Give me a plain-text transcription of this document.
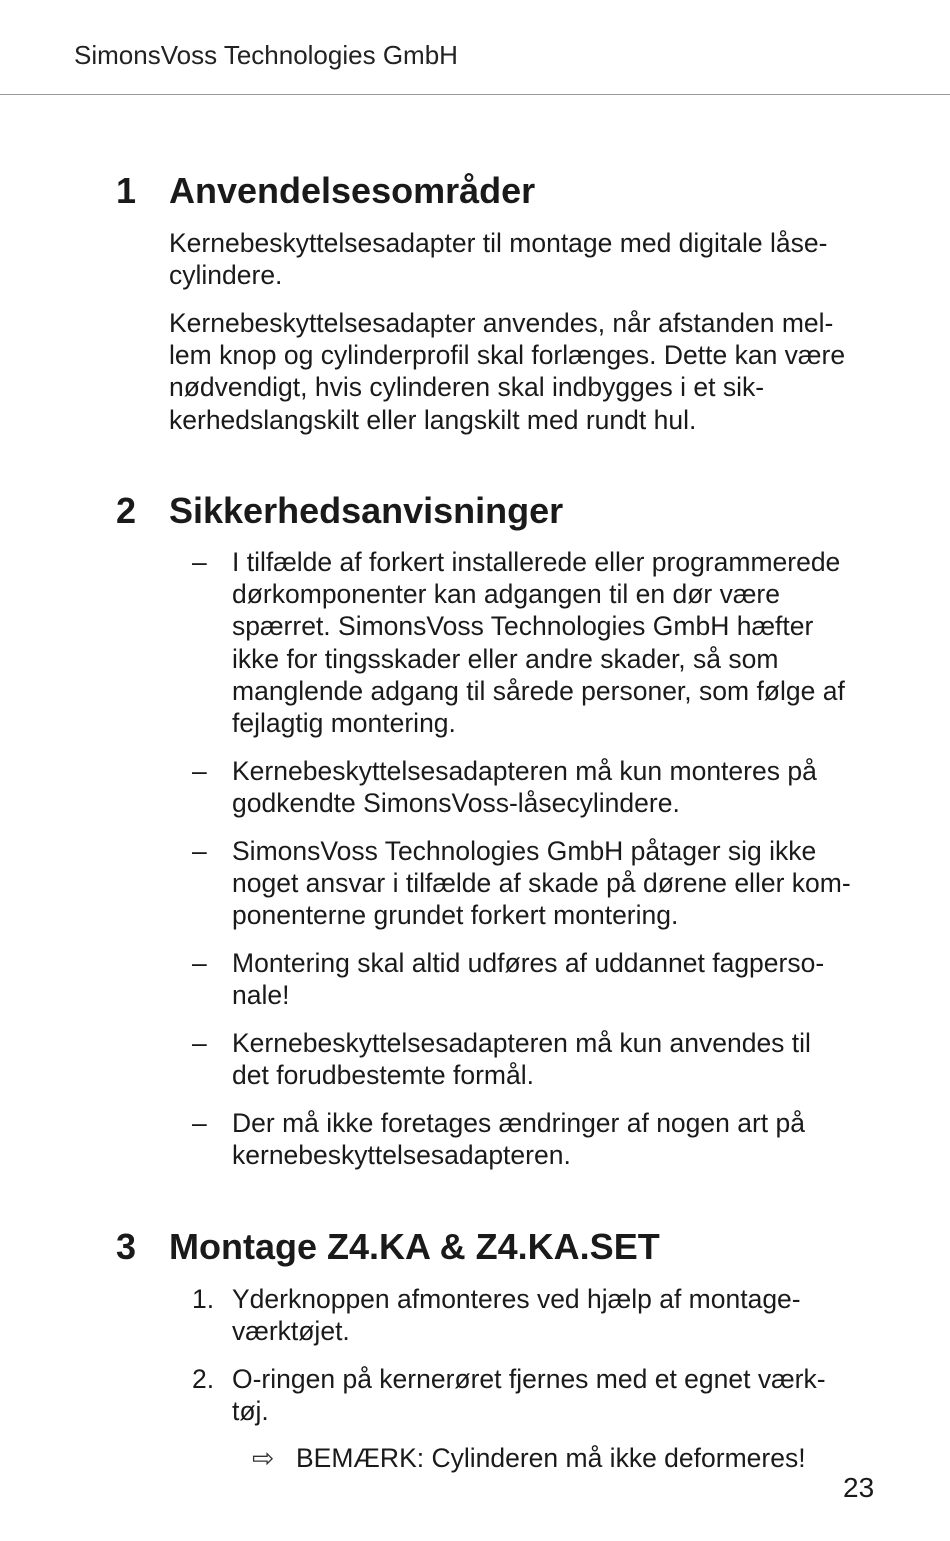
SimonsVoss Technologies GmbH
1 Anvendelsesområder
Kernebeskyttelsesadapter til montage med digitale låse-
cylindere.
Kernebeskyttelsesadapter anvendes, når afstanden mel-
lem knop og cylinderprofil skal forlænges. Dette kan være
nødvendigt, hvis cylinderen skal indbygges i et sik-
kerhedslangskilt eller langskilt med rundt hul.
2 Sikkerhedsanvisninger
– I tilfælde af forkert installerede eller programmerede
dørkomponenter kan adgangen til en dør være
spærret. SimonsVoss Technologies GmbH hæfter
ikke for tingsskader eller andre skader, så som
manglende adgang til sårede personer, som følge af
fejlagtig montering.
– Kernebeskyttelsesadapteren må kun monteres på
godkendte SimonsVoss-låsecylindere.
– SimonsVoss Technologies GmbH påtager sig ikke
noget ansvar i tilfælde af skade på dørene eller kom-
ponenterne grundet forkert montering.
– Montering skal altid udføres af uddannet fagperso-
nale!
– Kernebeskyttelsesadapteren må kun anvendes til
det forudbestemte formål.
– Der må ikke foretages ændringer af nogen art på
kernebeskyttelsesadapteren.
3 Montage Z4.KA & Z4.KA.SET
1. Yderknoppen afmonteres ved hjælp af montage-
værktøjet.
2. O-ringen på kernerøret fjernes med et egnet værk-
tøj.
⇨ BEMÆRK: Cylinderen må ikke deformeres!
23
